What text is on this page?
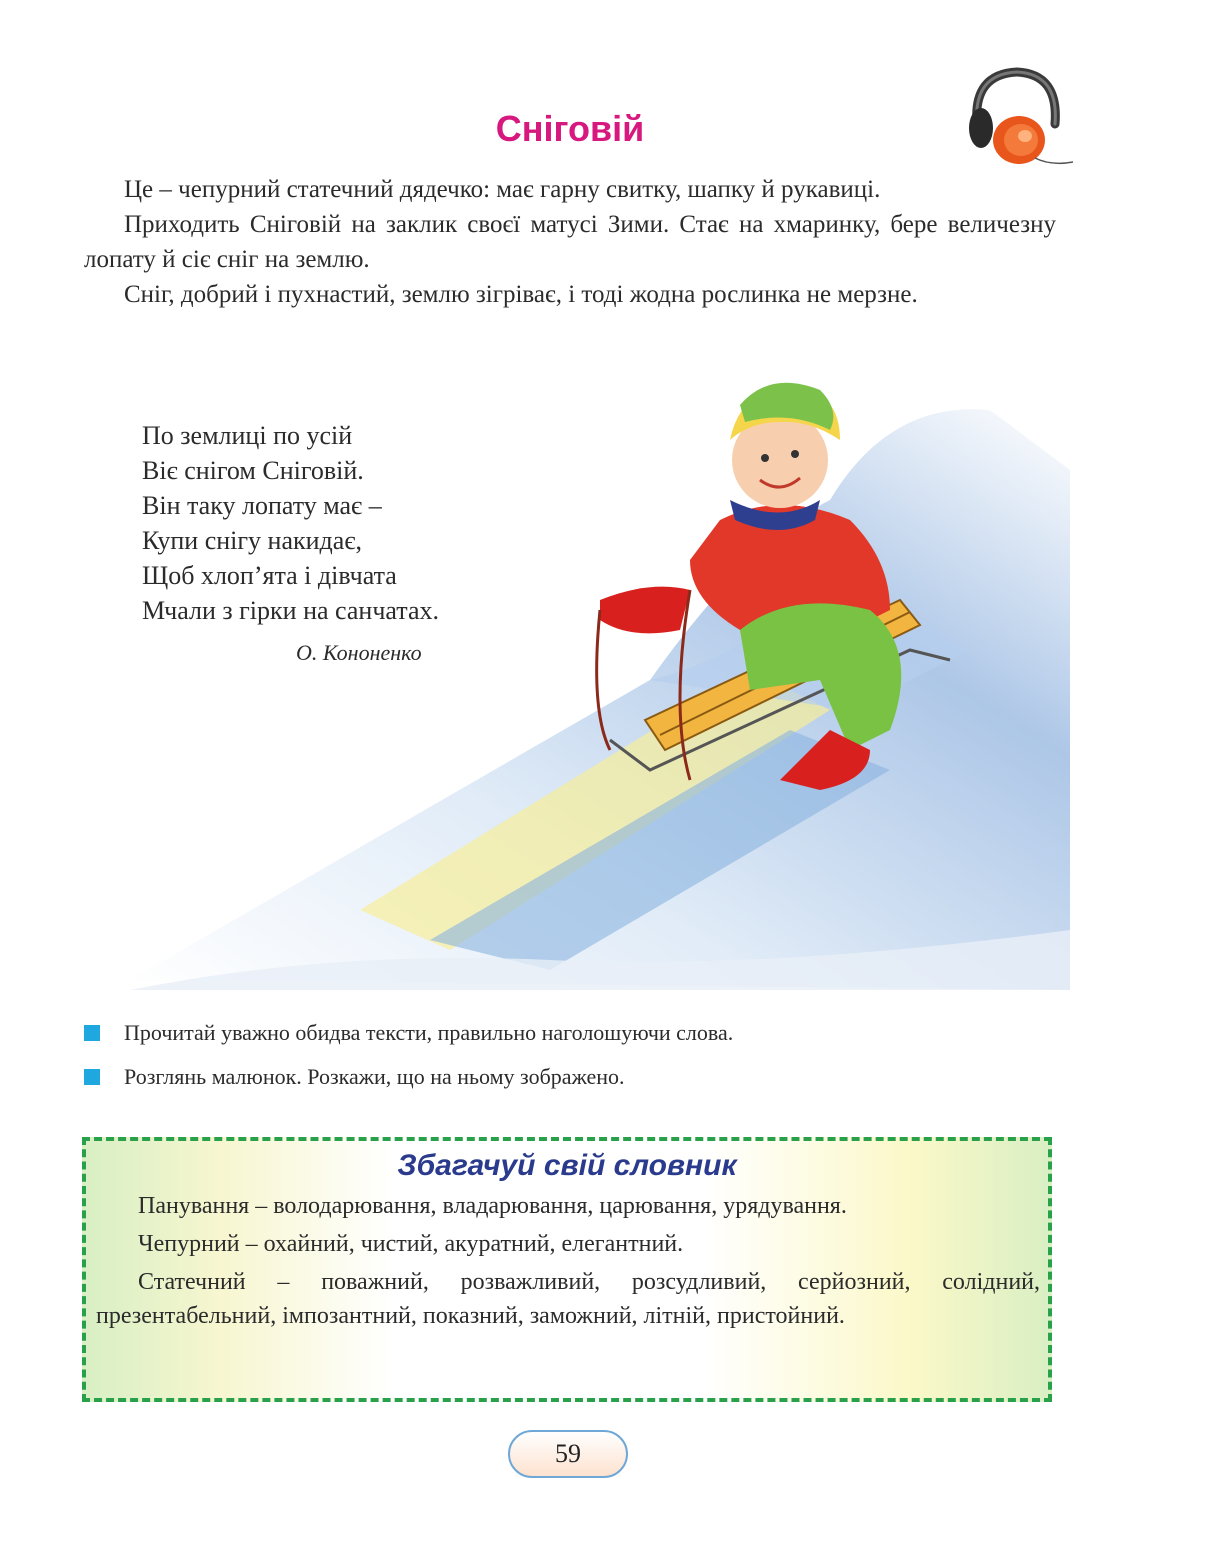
Сніговій

Це – чепурний статечний дядечко: має гарну свитку, шапку й рукавиці.

Приходить Сніговій на заклик своєї матусі Зими. Стає на хмаринку, бере величезну лопату й сіє сніг на землю.

Сніг, добрий і пухнастий, землю зігріває, і тоді жодна рослинка не мерзне.

По землиці по усій
Віє снігом Сніговій.
Він таку лопату має –
Купи снігу накидає,
Щоб хлоп’ята і дівчата
Мчали з гірки на санчатах.
О. Кононенко
Прочитай уважно обидва тексти, правильно наголошуючи слова.
Розглянь малюнок. Розкажи, що на ньому зображено.
Збагачуй свій словник

Панування – володарювання, владарювання, царювання, урядування.

Чепурний – охайний, чистий, акуратний, елегантний.

Статечний – поважний, розважливий, розсудливий, серйозний, солідний, презентабельний, імпозантний, показний, заможний, літній, пристойний.

59
